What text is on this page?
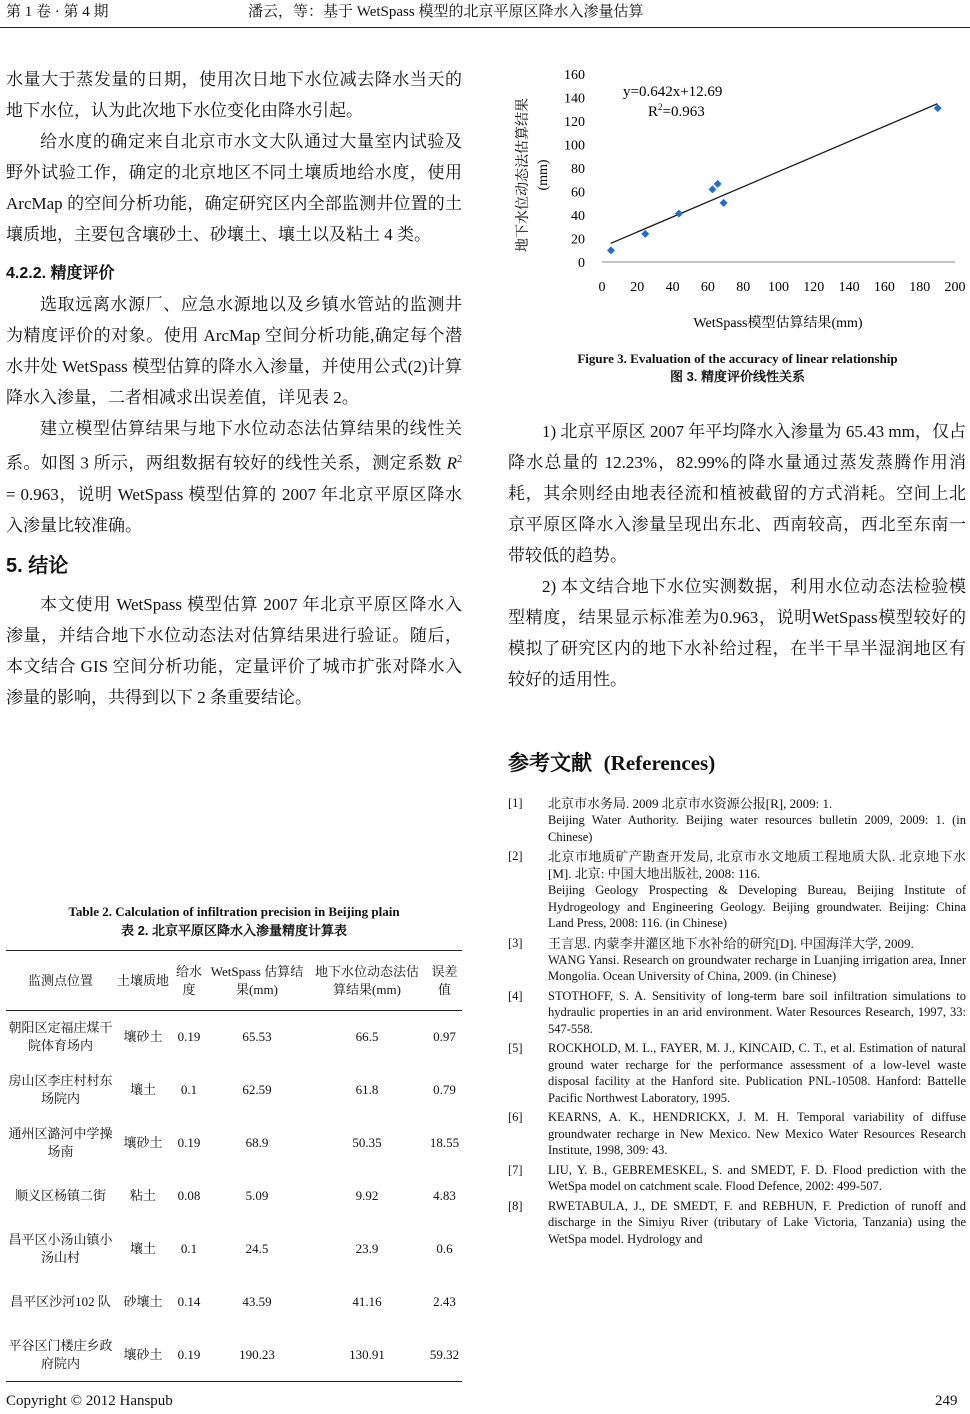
第 1 卷 · 第 4 期	潘云，等：基于 WetSpass 模型的北京平原区降水入渗量估算

水量大于蒸发量的日期，使用次日地下水位减去降水当天的地下水位，认为此次地下水位变化由降水引起。

给水度的确定来自北京市水文大队通过大量室内试验及野外试验工作，确定的北京地区不同土壤质地给水度，使用 ArcMap 的空间分析功能，确定研究区内全部监测井位置的土壤质地，主要包含壤砂土、砂壤土、壤土以及粘土 4 类。

4.2.2. 精度评价

选取远离水源厂、应急水源地以及乡镇水管站的监测井为精度评价的对象。使用 ArcMap 空间分析功能,确定每个潜水井处 WetSpass 模型估算的降水入渗量，并使用公式(2)计算降水入渗量，二者相减求出误差值，详见表 2。

建立模型估算结果与地下水位动态法估算结果的线性关系。如图 3 所示，两组数据有较好的线性关系，测定系数 $R^2 = 0.963$，说明 WetSpass 模型估算的 2007 年北京平原区降水入渗量比较准确。

5. 结论

本文使用 WetSpass 模型估算 2007 年北京平原区降水入渗量，并结合地下水位动态法对估算结果进行验证。随后，本文结合 GIS 空间分析功能，定量评价了城市扩张对降水入渗量的影响，共得到以下 2 条重要结论。

Table 2. Calculation of infiltration precision in Beijing plain
表 2. 北京平原区降水入渗量精度计算表
监测点位置	土壤质地	给水度	WetSpass 估算结果(mm)	地下水位动态法估算结果(mm)	误差值
朝阳区定福庄煤干院体育场内	壤砂土	0.19	65.53	66.5	0.97
房山区李庄村村东场院内	壤土	0.1	62.59	61.8	0.79
通州区潞河中学操场南	壤砂土	0.19	68.9	50.35	18.55
顺义区杨镇二街	粘土	0.08	5.09	9.92	4.83
昌平区小汤山镇小汤山村	壤土	0.1	24.5	23.9	0.6
昌平区沙河102 队	砂壤土	0.14	43.59	41.16	2.43
平谷区门楼庄乡政府院内	壤砂土	0.19	190.23	130.91	59.32
0
20
40
60
80
100
120
140
160
0 20 40 60 80 100 120 140 160 180 200
y=0.642x+12.69
$R^2=0.963$
地下水位动态法估算结果 (mm)
WetSpass模型估算结果(mm)
Figure 3. Evaluation of the accuracy of linear relationship
图 3. 精度评价线性关系

1) 北京平原区 2007 年平均降水入渗量为 65.43 mm，仅占降水总量的 12.23%，82.99%的降水量通过蒸发蒸腾作用消耗，其余则经由地表径流和植被截留的方式消耗。空间上北京平原区降水入渗量呈现出东北、西南较高，西北至东南一带较低的趋势。

2) 本文结合地下水位实测数据，利用水位动态法检验模型精度，结果显示标准差为0.963，说明WetSpass模型较好的模拟了研究区内的地下水补给过程，在半干旱半湿润地区有较好的适用性。

参考文献 (References)
[1]	北京市水务局. 2009 北京市水资源公报[R], 2009: 1.
Beijing Water Authority. Beijing water resources bulletin 2009, 2009: 1. (in Chinese)
[2]	北京市地质矿产勘查开发局, 北京市水文地质工程地质大队. 北京地下水[M]. 北京: 中国大地出版社, 2008: 116.
Beijing Geology Prospecting & Developing Bureau, Beijing Institute of Hydrogeology and Engineering Geology. Beijing groundwater. Beijing: China Land Press, 2008: 116. (in Chinese)
[3]	王言思. 内蒙李井灌区地下水补给的研究[D]. 中国海洋大学, 2009.
WANG Yansi. Research on groundwater recharge in Luanjing irrigation area, Inner Mongolia. Ocean University of China, 2009. (in Chinese)
[4]	STOTHOFF, S. A. Sensitivity of long-term bare soil infiltration simulations to hydraulic properties in an arid environment. Water Resources Research, 1997, 33: 547-558.
[5]	ROCKHOLD, M. L., FAYER, M. J., KINCAID, C. T., et al. Estimation of natural ground water recharge for the performance assessment of a low-level waste disposal facility at the Hanford site. Publication PNL-10508. Hanford: Battelle Pacific Northwest Laboratory, 1995.
[6]	KEARNS, A. K., HENDRICKX, J. M. H. Temporal variability of diffuse groundwater recharge in New Mexico. New Mexico Water Resources Research Institute, 1998, 309: 43.
[7]	LIU, Y. B., GEBREMESKEL, S. and SMEDT, F. D. Flood prediction with the WetSpa model on catchment scale. Flood Defence, 2002: 499-507.
[8]	RWETABULA, J., DE SMEDT, F. and REBHUN, F. Prediction of runoff and discharge in the Simiyu River (tributary of Lake Victoria, Tanzania) using the WetSpa model. Hydrology and
Copyright © 2012 Hanspub	249
